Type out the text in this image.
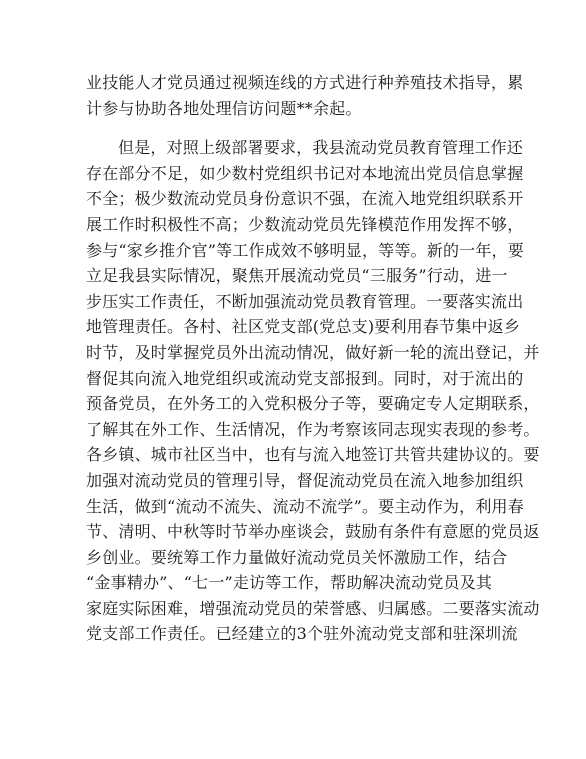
业技能人才党员通过视频连线的方式进行种养殖技术指导，累
计参与协助各地处理信访问题**余起。
但是，对照上级部署要求，我县流动党员教育管理工作还
存在部分不足，如少数村党组织书记对本地流出党员信息掌握
不全；极少数流动党员身份意识不强，在流入地党组织联系开
展工作时积极性不高；少数流动党员先锋模范作用发挥不够，
参与“家乡推介官”等工作成效不够明显，等等。新的一年，要
立足我县实际情况，聚焦开展流动党员“三服务”行动，进一
步压实工作责任，不断加强流动党员教育管理。一要落实流出
地管理责任。各村、社区党支部(党总支)要利用春节集中返乡
时节，及时掌握党员外出流动情况，做好新一轮的流出登记，并
督促其向流入地党组织或流动党支部报到。同时，对于流出的
预备党员，在外务工的入党积极分子等，要确定专人定期联系，
了解其在外工作、生活情况，作为考察该同志现实表现的参考。
各乡镇、城市社区当中，也有与流入地签订共管共建协议的。要
加强对流动党员的管理引导，督促流动党员在流入地参加组织
生活，做到“流动不流失、流动不流学”。要主动作为，利用春
节、清明、中秋等时节举办座谈会，鼓励有条件有意愿的党员返
乡创业。要统筹工作力量做好流动党员关怀激励工作，结合
“金事精办”、“七一”走访等工作，帮助解决流动党员及其
家庭实际困难，增强流动党员的荣誉感、归属感。二要落实流动
党支部工作责任。已经建立的3个驻外流动党支部和驻深圳流
